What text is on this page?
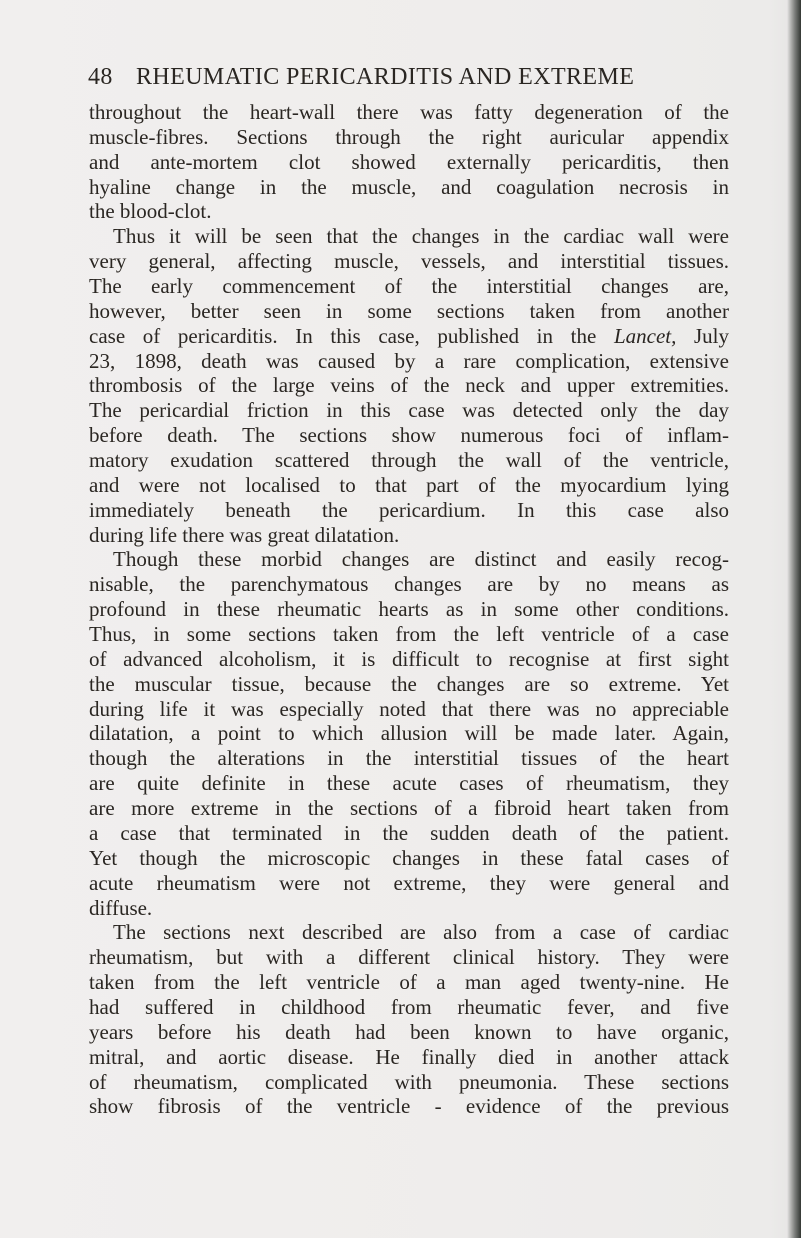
48 RHEUMATIC PERICARDITIS AND EXTREME
throughout the heart-wall there was fatty degeneration of the
muscle-fibres. Sections through the right auricular appendix
and ante-mortem clot showed externally pericarditis, then
hyaline change in the muscle, and coagulation necrosis in
the blood-clot.
Thus it will be seen that the changes in the cardiac wall were
very general, affecting muscle, vessels, and interstitial tissues.
The early commencement of the interstitial changes are,
however, better seen in some sections taken from another
case of pericarditis. In this case, published in the Lancet, July
23, 1898, death was caused by a rare complication, extensive
thrombosis of the large veins of the neck and upper extremities.
The pericardial friction in this case was detected only the day
before death. The sections show numerous foci of inflam-
matory exudation scattered through the wall of the ventricle,
and were not localised to that part of the myocardium lying
immediately beneath the pericardium. In this case also
during life there was great dilatation.
Though these morbid changes are distinct and easily recog-
nisable, the parenchymatous changes are by no means as
profound in these rheumatic hearts as in some other conditions.
Thus, in some sections taken from the left ventricle of a case
of advanced alcoholism, it is difficult to recognise at first sight
the muscular tissue, because the changes are so extreme. Yet
during life it was especially noted that there was no appreciable
dilatation, a point to which allusion will be made later. Again,
though the alterations in the interstitial tissues of the heart
are quite definite in these acute cases of rheumatism, they
are more extreme in the sections of a fibroid heart taken from
a case that terminated in the sudden death of the patient.
Yet though the microscopic changes in these fatal cases of
acute rheumatism were not extreme, they were general and
diffuse.
The sections next described are also from a case of cardiac
rheumatism, but with a different clinical history. They were
taken from the left ventricle of a man aged twenty-nine. He
had suffered in childhood from rheumatic fever, and five
years before his death had been known to have organic,
mitral, and aortic disease. He finally died in another attack
of rheumatism, complicated with pneumonia. These sections
show fibrosis of the ventricle - evidence of the previous
